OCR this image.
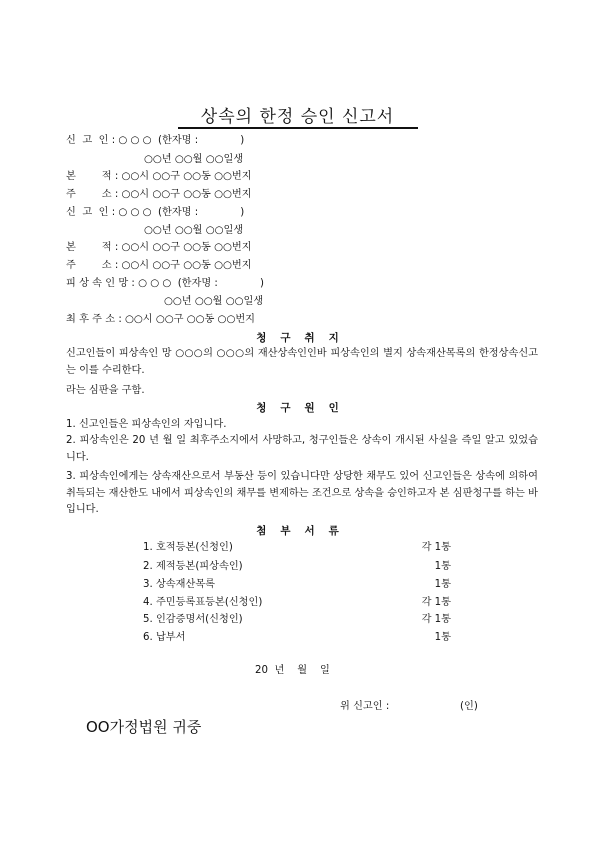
상속의 한정 승인 신고서
신  고  인 : ○ ○ ○  (한자명 :             )
○○년 ○○월 ○○일생
본        적 : ○○시 ○○구 ○○동 ○○번지
주        소 : ○○시 ○○구 ○○동 ○○번지
신  고  인 : ○ ○ ○  (한자명 :             )
○○년 ○○월 ○○일생
본        적 : ○○시 ○○구 ○○동 ○○번지
주        소 : ○○시 ○○구 ○○동 ○○번지
피 상 속 인 망 : ○ ○ ○  (한자명 :             )
○○년 ○○월 ○○일생
최 후 주 소 : ○○시 ○○구 ○○동 ○○번지
청   구   취   지
신고인들이 피상속인 망 ○○○의 ○○○의 재산상속인인바 피상속인의 별지 상속재산목록의 한정상속신고는 이를 수리한다.
라는 심판을 구함.
청   구   원   인
1. 신고인들은 피상속인의 자입니다.
2. 피상속인은 20 년 월 일 최후주소지에서 사망하고, 청구인들은 상속이 개시된 사실을 즉일 알고 있었습니다.
3. 피상속인에게는 상속재산으로서 부동산 등이 있습니다만 상당한 채무도 있어 신고인들은 상속에 의하여 취득되는 재산한도 내에서 피상속인의 채무를 변제하는 조건으로 상속을 승인하고자 본 심판청구를 하는 바입니다.
첨   부   서   류
1. 호적등본(신청인)	각 1통
2. 제적등본(피상속인)	1통
3. 상속재산목록	1통
4. 주민등록표등본(신청인)	각 1통
5. 인감증명서(신청인)	각 1통
6. 납부서	1통
20  년    월    일
위 신고인 :	(인)
OO가정법원 귀중
